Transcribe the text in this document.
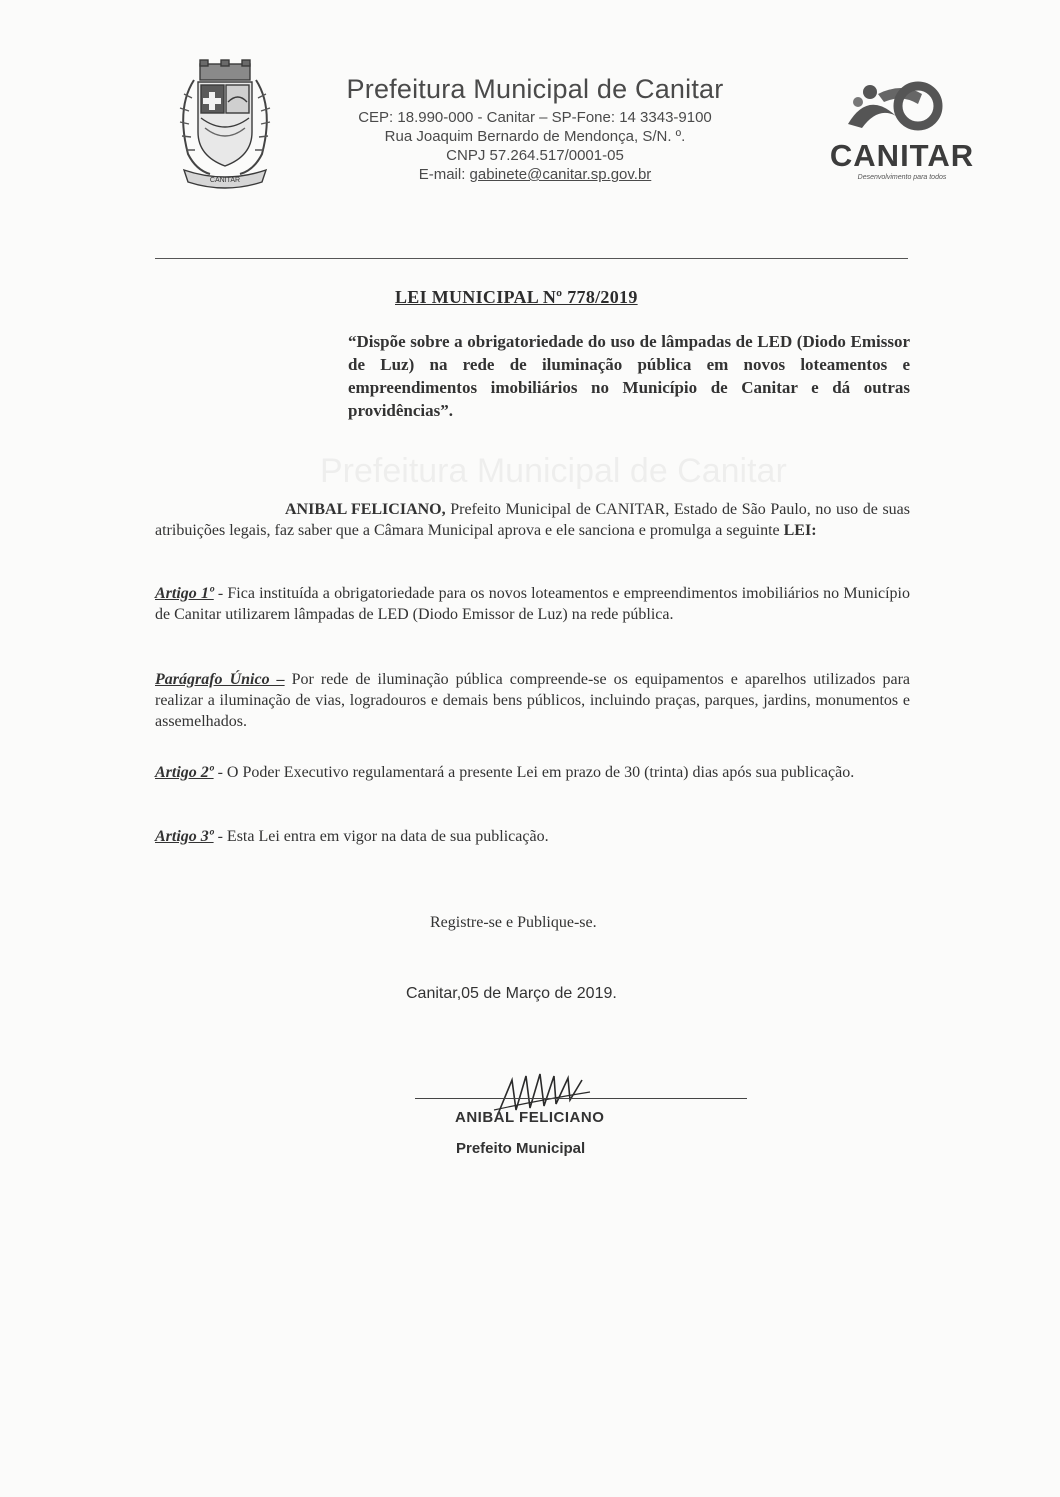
Prefeitura Municipal de Canitar
CANITAR
Prefeitura Municipal de Canitar
CEP: 18.990-000 - Canitar – SP-Fone: 14 3343-9100
Rua Joaquim Bernardo de Mendonça, S/N. º.
CNPJ 57.264.517/0001-05
E-mail: gabinete@canitar.sp.gov.br
CANITAR
Desenvolvimento para todos
LEI MUNICIPAL Nº 778/2019
“Dispõe sobre a obrigatoriedade do uso de lâmpadas de LED (Diodo Emissor de Luz) na rede de iluminação pública em novos loteamentos e empreendimentos imobiliários no Município de Canitar e dá outras providências”.
ANIBAL FELICIANO, Prefeito Municipal de CANITAR, Estado de São Paulo, no uso de suas atribuições legais, faz saber que a Câmara Municipal aprova e ele sanciona e promulga a seguinte LEI:
Artigo 1º - Fica instituída a obrigatoriedade para os novos loteamentos e empreendimentos imobiliários no Município de Canitar utilizarem lâmpadas de LED (Diodo Emissor de Luz) na rede pública.
Parágrafo Único – Por rede de iluminação pública compreende-se os equipamentos e aparelhos utilizados para realizar a iluminação de vias, logradouros e demais bens públicos, incluindo praças, parques, jardins, monumentos e assemelhados.
Artigo 2º - O Poder Executivo regulamentará a presente Lei em prazo de 30 (trinta) dias após sua publicação.
Artigo 3º - Esta Lei entra em vigor na data de sua publicação.
Registre-se e Publique-se.
Canitar,05 de Março de 2019.
ANIBAL FELICIANO
Prefeito Municipal
